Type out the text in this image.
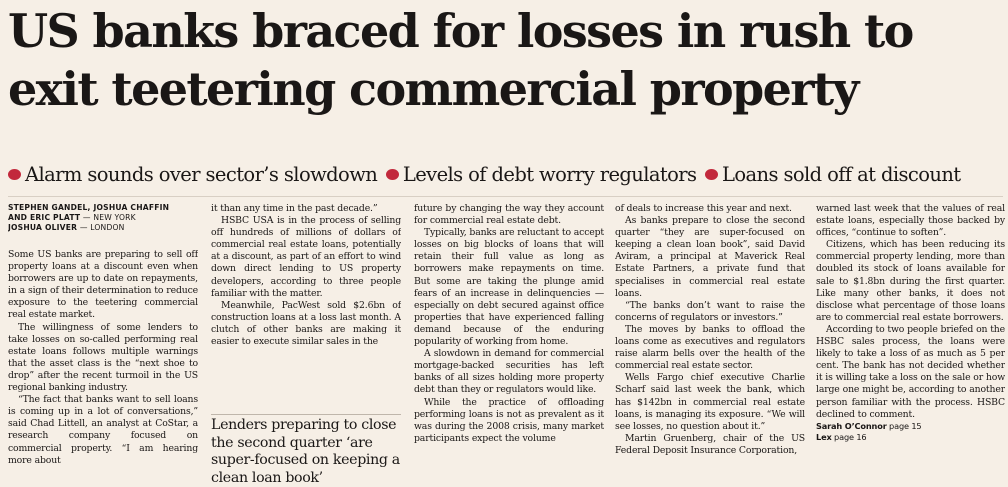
US banks braced for losses in rush to exit teetering commercial property
Alarm sounds over sector’s slowdown Levels of debt worry regulators Loans sold off at discount
STEPHEN GANDEL, JOSHUA CHAFFIN
AND ERIC PLATT — NEW YORK
JOSHUA OLIVER — LONDON

Some US banks are preparing to sell off property loans at a discount even when borrowers are up to date on repayments, in a sign of their determination to reduce exposure to the teetering commercial real estate market.

The willingness of some lenders to take losses on so-called performing real estate loans follows multiple warnings that the asset class is the “next shoe to drop” after the recent turmoil in the US regional banking industry.

“The fact that banks want to sell loans is coming up in a lot of conversations,” said Chad Littell, an analyst at CoStar, a research company focused on commercial property. “I am hearing more about

it than any time in the past decade.”

HSBC USA is in the process of selling off hundreds of millions of dollars of commercial real estate loans, potentially at a discount, as part of an effort to wind down direct lending to US property developers, according to three people familiar with the matter.

Meanwhile, PacWest sold $2.6bn of construction loans at a loss last month. A clutch of other banks are making it easier to execute similar sales in the

Lenders preparing to close the second quarter ‘are super-focused on keeping a clean loan book’

future by changing the way they account for commercial real estate debt.

Typically, banks are reluctant to accept losses on big blocks of loans that will retain their full value as long as borrowers make repayments on time. But some are taking the plunge amid fears of an increase in delinquencies — especially on debt secured against office properties that have experienced falling demand because of the enduring popularity of working from home.

A slowdown in demand for commercial mortgage-backed securities has left banks of all sizes holding more property debt than they or regulators would like.

While the practice of offloading performing loans is not as prevalent as it was during the 2008 crisis, many market participants expect the volume

of deals to increase this year and next.

As banks prepare to close the second quarter “they are super-focused on keeping a clean loan book”, said David Aviram, a principal at Maverick Real Estate Partners, a private fund that specialises in commercial real estate loans.

“The banks don’t want to raise the concerns of regulators or investors.”

The moves by banks to offload the loans come as executives and regulators raise alarm bells over the health of the commercial real estate sector.

Wells Fargo chief executive Charlie Scharf said last week the bank, which has $142bn in commercial real estate loans, is managing its exposure. “We will see losses, no question about it.”

Martin Gruenberg, chair of the US Federal Deposit Insurance Corporation,

warned last week that the values of real estate loans, especially those backed by offices, “continue to soften”.

Citizens, which has been reducing its commercial property lending, more than doubled its stock of loans available for sale to $1.8bn during the first quarter. Like many other banks, it does not disclose what percentage of those loans are to commercial real estate borrowers.

According to two people briefed on the HSBC sales process, the loans were likely to take a loss of as much as 5 per cent. The bank has not decided whether it is willing take a loss on the sale or how large one might be, according to another person familiar with the process. HSBC declined to comment.

Sarah O’Connor page 15

Lex page 16
